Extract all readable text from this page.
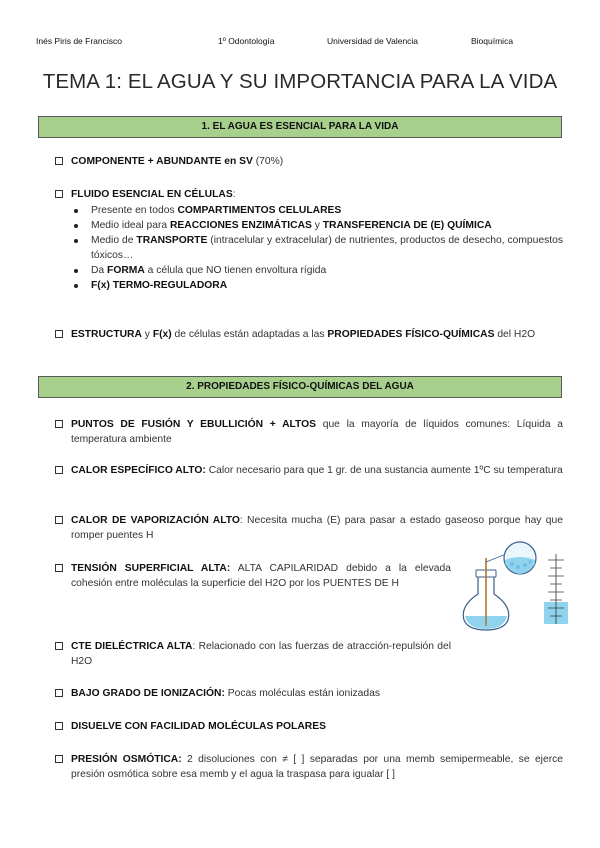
Inés Piris de Francisco	1º Odontología	Universidad de Valencia	Bioquímica
TEMA 1: EL AGUA Y SU IMPORTANCIA PARA LA VIDA
1. EL AGUA ES ESENCIAL PARA LA VIDA
COMPONENTE + ABUNDANTE en SV (70%)
FLUIDO ESENCIAL EN CÉLULAS:
Presente en todos COMPARTIMENTOS CELULARES
Medio ideal para REACCIONES ENZIMÁTICAS y TRANSFERENCIA DE (E) QUÍMICA
Medio de TRANSPORTE (intracelular y extracelular) de nutrientes, productos de desecho, compuestos tóxicos…
Da FORMA a célula que NO tienen envoltura rígida
F(x) TERMO-REGULADORA
ESTRUCTURA y F(x) de células están adaptadas a las PROPIEDADES FÍSICO-QUÍMICAS del H2O
2. PROPIEDADES FÍSICO-QUÍMICAS DEL AGUA
PUNTOS DE FUSIÓN Y EBULLICIÓN + ALTOS que la mayoría de líquidos comunes: Líquida a temperatura ambiente
CALOR ESPECÍFICO ALTO: Calor necesario para que 1 gr. de una sustancia aumente 1ºC su temperatura
CALOR DE VAPORIZACIÓN ALTO: Necesita mucha (E) para pasar a estado gaseoso porque hay que romper puentes H
TENSIÓN SUPERFICIAL ALTA: ALTA CAPILARIDAD debido a la elevada cohesión entre moléculas la superficie del H2O por los PUENTES DE H
CTE DIELÉCTRICA ALTA: Relacionado con las fuerzas de atracción-repulsión del H2O
BAJO GRADO DE IONIZACIÓN: Pocas moléculas están ionizadas
DISUELVE CON FACILIDAD MOLÉCULAS POLARES
PRESIÓN OSMÓTICA: 2 disoluciones con ≠ [ ] separadas por una memb semipermeable, se ejerce presión osmótica sobre esa memb y el agua la traspasa para igualar [ ]
